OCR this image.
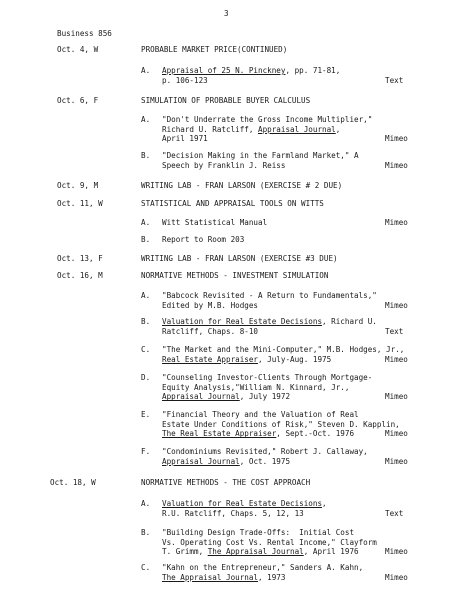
3
Business 856
Oct. 4, W	PROBABLE MARKET PRICE(CONTINUED)
A. Appraisal of 25 N. Pinckney, pp. 71-81,
p. 106-123	Text
Oct. 6, F	SIMULATION OF PROBABLE BUYER CALCULUS
A. "Don't Underrate the Gross Income Multiplier,"
Richard U. Ratcliff, Appraisal Journal,
April 1971	Mimeo
B. "Decision Making in the Farmland Market," A
Speech by Franklin J. Reiss	Mimeo
Oct. 9, M	WRITING LAB - FRAN LARSON (EXERCISE # 2 DUE)
Oct. 11, W	STATISTICAL AND APPRAISAL TOOLS ON WITTS
A. Witt Statistical Manual	Mimeo
B. Report to Room 203
Oct. 13, F	WRITING LAB - FRAN LARSON (EXERCISE #3 DUE)
Oct. 16, M	NORMATIVE METHODS - INVESTMENT SIMULATION
A. "Babcock Revisited - A Return to Fundamentals,"
Edited by M.B. Hodges	Mimeo
B. Valuation for Real Estate Decisions, Richard U.
Ratcliff, Chaps. 8-10	Text
C. "The Market and the Mini-Computer," M.B. Hodges, Jr.,
Real Estate Appraiser, July-Aug. 1975	Mimeo
D. "Counseling Investor-Clients Through Mortgage-
Equity Analysis,"William N. Kinnard, Jr.,
Appraisal Journal, July 1972	Mimeo
E. "Financial Theory and the Valuation of Real
Estate Under Conditions of Risk," Steven D. Kapplin,
The Real Estate Appraiser, Sept.-Oct. 1976	Mimeo
F. "Condominiums Revisited," Robert J. Callaway,
Appraisal Journal, Oct. 1975	Mimeo
Oct. 18, W	NORMATIVE METHODS - THE COST APPROACH
A. Valuation for Real Estate Decisions,
R.U. Ratcliff, Chaps. 5, 12, 13	Text
B. "Building Design Trade-Offs:  Initial Cost
Vs. Operating Cost Vs. Rental Income," Clayform
T. Grimm, The Appraisal Journal, April 1976	Mimeo
C. "Kahn on the Entrepreneur," Sanders A. Kahn,
The Appraisal Journal, 1973	Mimeo
